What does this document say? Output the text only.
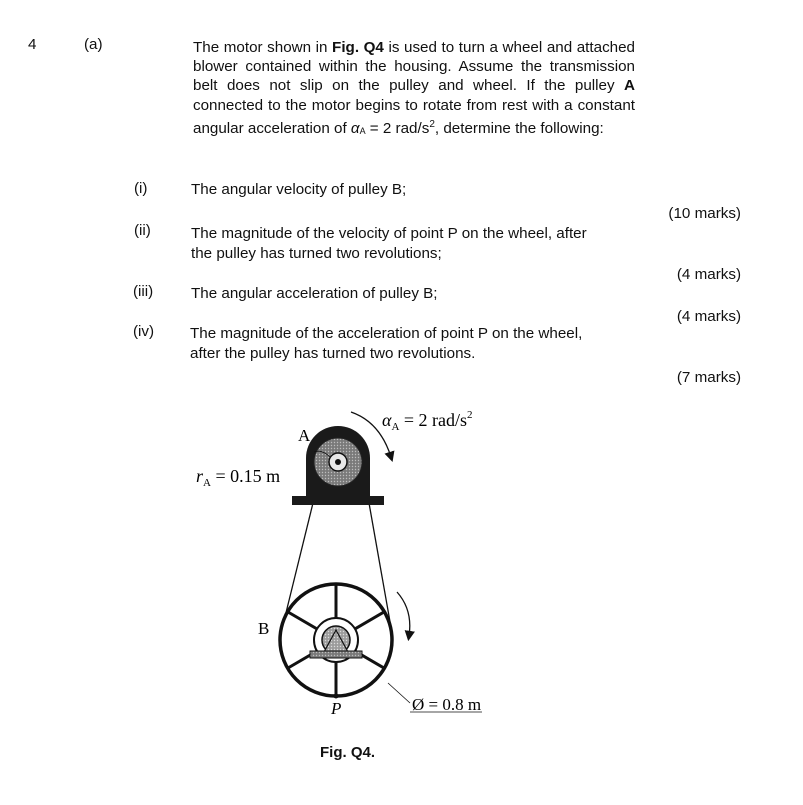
4	(a)	The motor shown in Fig. Q4 is used to turn a wheel and attached blower contained within the housing. Assume the transmission belt does not slip on the pulley and wheel. If the pulley A connected to the motor begins to rotate from rest with a constant angular acceleration of αA = 2 rad/$s^2$, determine the following:
(i)	The angular velocity of pulley B;
(10 marks)
(ii)	The magnitude of the velocity of point P on the wheel, after the pulley has turned two revolutions;
(4 marks)
(iii) The angular acceleration of pulley B;
(4 marks)
(iv) The magnitude of the acceleration of point P on the wheel, after the pulley has turned two revolutions.
(7 marks)
A
B
P
$\alpha_A = 2$ rad/$s^2$
$r_A = 0.15$ m
Ø = 0.8 m
Fig. Q4.
